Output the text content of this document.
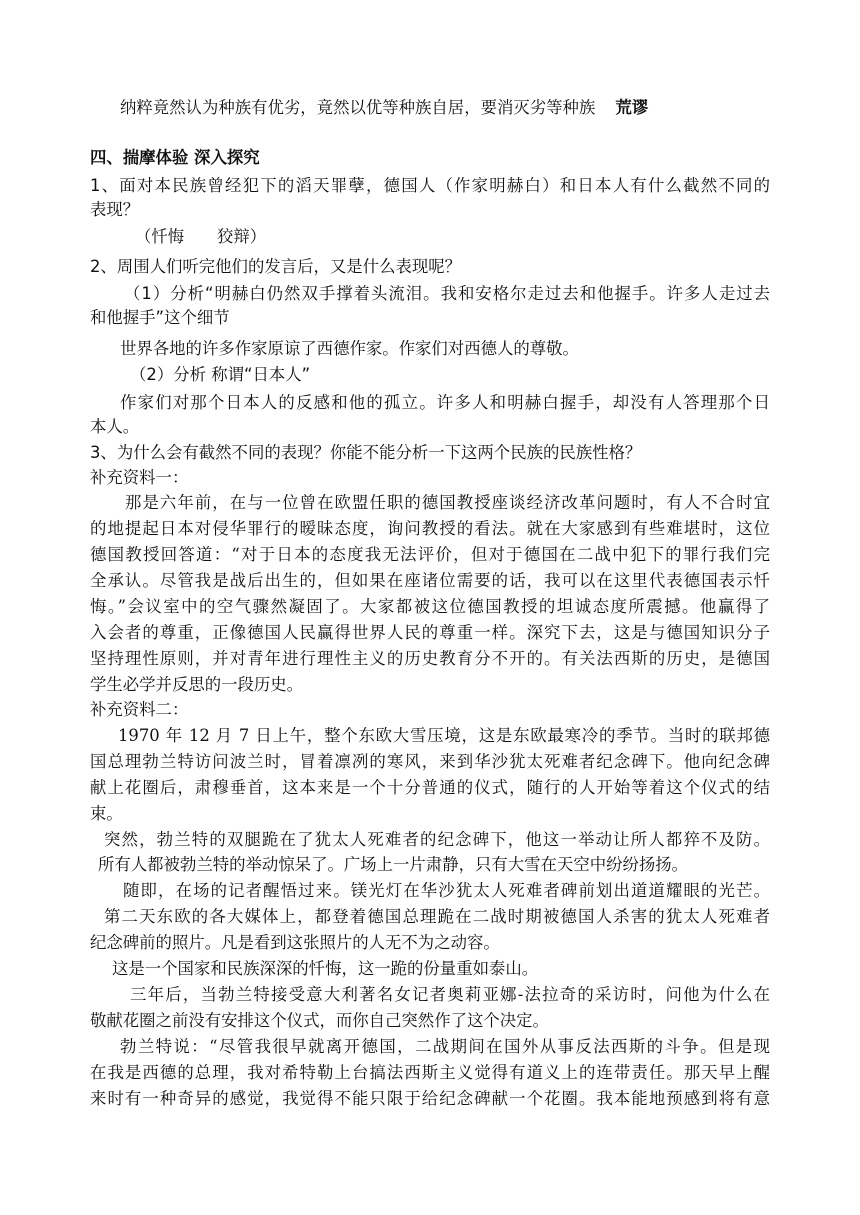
纳粹竟然认为种族有优劣，竟然以优等种族自居，要消灭劣等种族 荒谬
四、揣摩体验 深入探究
1、面对本民族曾经犯下的滔天罪孽，德国人（作家明赫白）和日本人有什么截然不同的
表现？
（忏悔　　狡辩）
2、周围人们听完他们的发言后，又是什么表现呢？
（1）分析“明赫白仍然双手撑着头流泪。我和安格尔走过去和他握手。许多人走过去
和他握手”这个细节
世界各地的许多作家原谅了西德作家。作家们对西德人的尊敬。
（2）分析 称谓“日本人”
作家们对那个日本人的反感和他的孤立。许多人和明赫白握手，却没有人答理那个日
本人。
3、为什么会有截然不同的表现？你能不能分析一下这两个民族的民族性格？
补充资料一：
那是六年前，在与一位曾在欧盟任职的德国教授座谈经济改革问题时，有人不合时宜
的地提起日本对侵华罪行的暧昧态度，询问教授的看法。就在大家感到有些难堪时，这位
德国教授回答道：“对于日本的态度我无法评价，但对于德国在二战中犯下的罪行我们完
全承认。尽管我是战后出生的，但如果在座诸位需要的话，我可以在这里代表德国表示忏
悔。”会议室中的空气骤然凝固了。大家都被这位德国教授的坦诚态度所震撼。他赢得了
入会者的尊重，正像德国人民赢得世界人民的尊重一样。深究下去，这是与德国知识分子
坚持理性原则，并对青年进行理性主义的历史教育分不开的。有关法西斯的历史，是德国
学生必学并反思的一段历史。
补充资料二：
1970 年 12 月 7 日上午，整个东欧大雪压境，这是东欧最寒冷的季节。当时的联邦德
国总理勃兰特访问波兰时，冒着凛冽的寒风，来到华沙犹太死难者纪念碑下。他向纪念碑
献上花圈后，肃穆垂首，这本来是一个十分普通的仪式，随行的人开始等着这个仪式的结
束。
突然，勃兰特的双腿跪在了犹太人死难者的纪念碑下，他这一举动让所人都猝不及防。
所有人都被勃兰特的举动惊呆了。广场上一片肃静，只有大雪在天空中纷纷扬扬。
随即，在场的记者醒悟过来。镁光灯在华沙犹太人死难者碑前划出道道耀眼的光芒。
第二天东欧的各大媒体上，都登着德国总理跪在二战时期被德国人杀害的犹太人死难者
纪念碑前的照片。凡是看到这张照片的人无不为之动容。
这是一个国家和民族深深的忏悔，这一跪的份量重如泰山。
三年后，当勃兰特接受意大利著名女记者奥莉亚娜-法拉奇的采访时，问他为什么在
敬献花圈之前没有安排这个仪式，而你自己突然作了这个决定。
勃兰特说：“尽管我很早就离开德国，二战期间在国外从事反法西斯的斗争。但是现
在我是西德的总理，我对希特勒上台搞法西斯主义觉得有道义上的连带责任。那天早上醒
来时有一种奇异的感觉，我觉得不能只限于给纪念碑献一个花圈。我本能地预感到将有意
